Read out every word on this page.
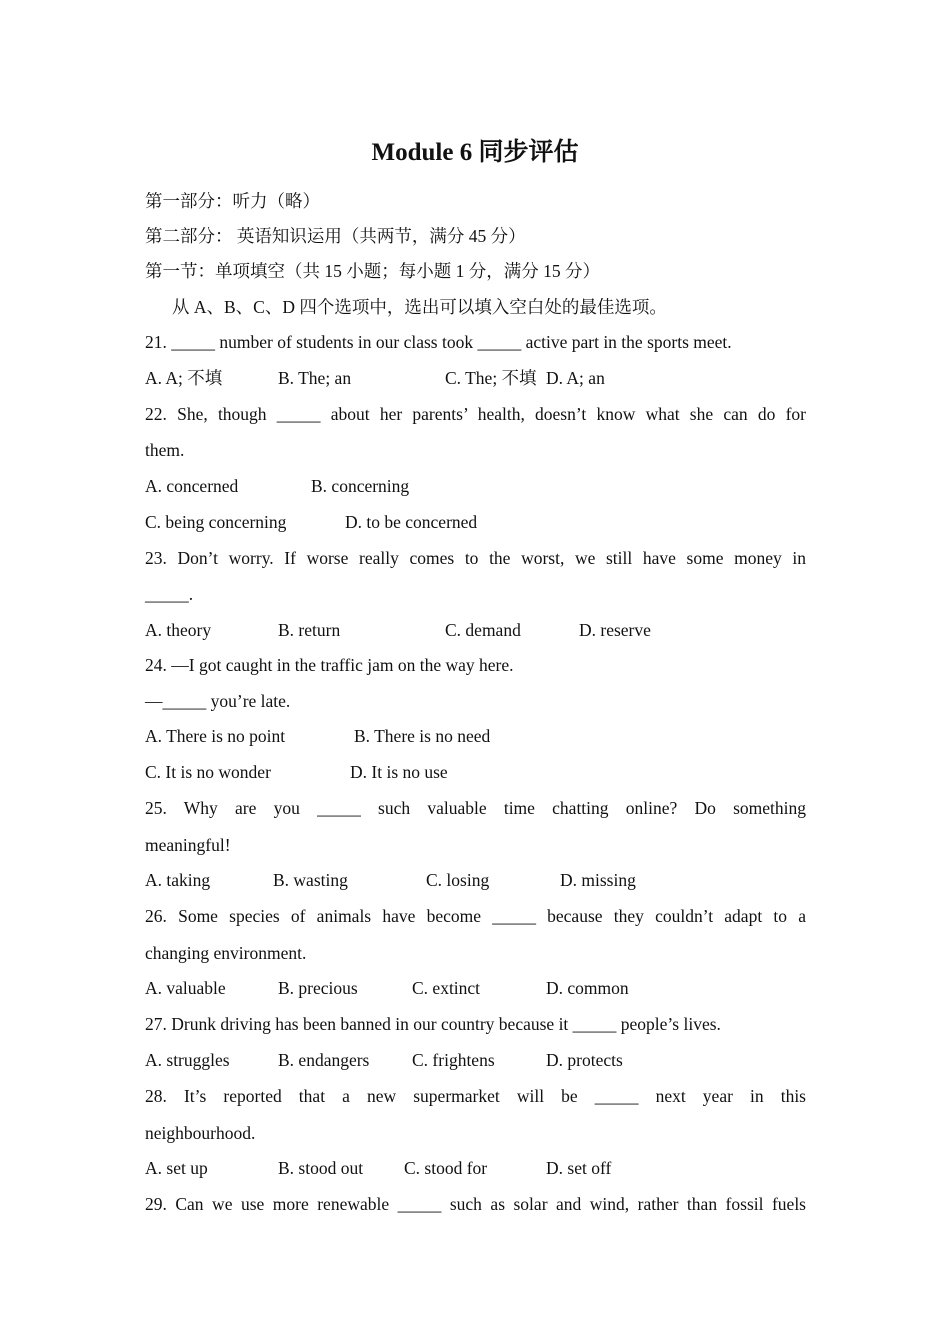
Module 6 同步评估
第一部分：听力（略）
第二部分： 英语知识运用（共两节，满分 45 分）
第一节：单项填空（共 15 小题；每小题 1 分，满分 15 分）
从 A、B、C、D 四个选项中，选出可以填入空白处的最佳选项。
21. _____ number of students in our class took _____ active part in the sports meet.
A. A; 不填	B. The; an	C. The; 不填 D. A; an
22. She, though _____ about her parents’ health, doesn’t know what she can do for
them.
A. concerned	B. concerning
C. being concerning	D. to be concerned
23. Don’t worry. If worse really comes to the worst, we still have some money in
_____.
A. theory	B. return	C. demand	D. reserve
24. —I got caught in the traffic jam on the way here.
—_____ you’re late.
A. There is no point	B. There is no need
C. It is no wonder	D. It is no use
25. Why are you _____ such valuable time chatting online? Do something
meaningful!
A. taking	B. wasting	C. losing	D. missing
26. Some species of animals have become _____ because they couldn’t adapt to a
changing environment.
A. valuable	B. precious	C. extinct	D. common
27. Drunk driving has been banned in our country because it _____ people’s lives.
A. struggles	B. endangers C. frightens	D. protects
28. It’s reported that a new supermarket will be _____ next year in this
neighbourhood.
A. set up	B. stood out C. stood for	D. set off
29. Can we use more renewable _____ such as solar and wind, rather than fossil fuels
